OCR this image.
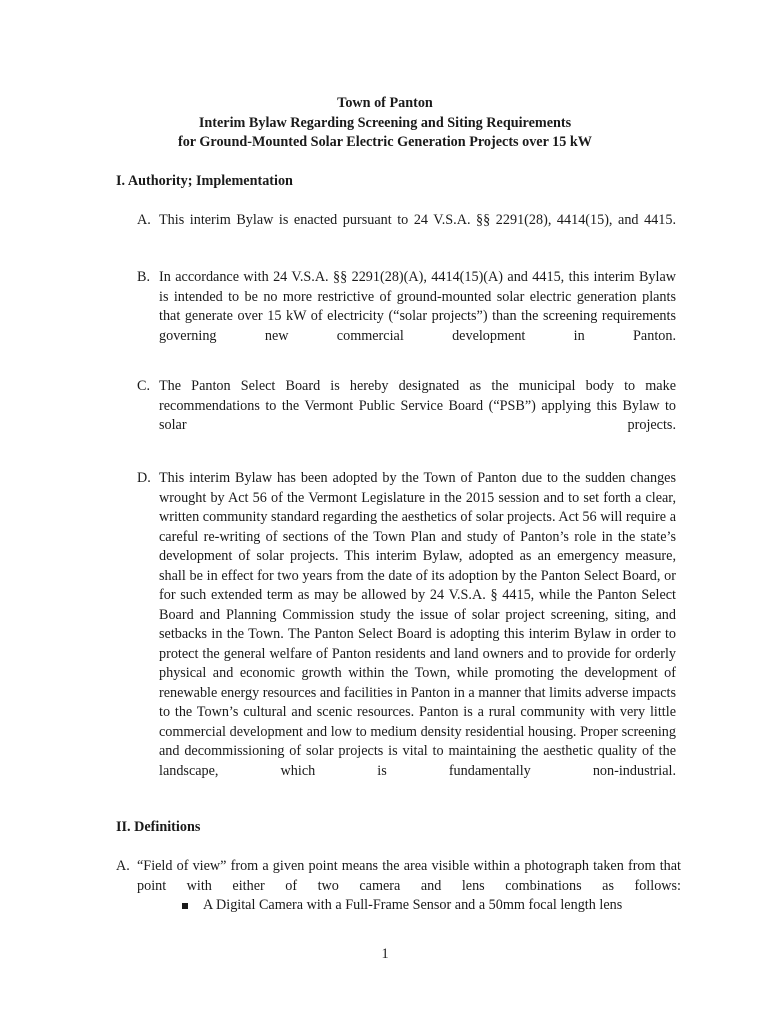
Town of Panton
Interim Bylaw Regarding Screening and Siting Requirements
for Ground-Mounted Solar Electric Generation Projects over 15 kW
I. Authority; Implementation
A. This interim Bylaw is enacted pursuant to 24 V.S.A. §§ 2291(28), 4414(15), and 4415.
B. In accordance with 24 V.S.A. §§ 2291(28)(A), 4414(15)(A) and 4415, this interim Bylaw is intended to be no more restrictive of ground-mounted solar electric generation plants that generate over 15 kW of electricity (“solar projects”) than the screening requirements governing new commercial development in Panton.
C. The Panton Select Board is hereby designated as the municipal body to make recommendations to the Vermont Public Service Board (“PSB”) applying this Bylaw to solar projects.
D. This interim Bylaw has been adopted by the Town of Panton due to the sudden changes wrought by Act 56 of the Vermont Legislature in the 2015 session and to set forth a clear, written community standard regarding the aesthetics of solar projects. Act 56 will require a careful re-writing of sections of the Town Plan and study of Panton’s role in the state’s development of solar projects. This interim Bylaw, adopted as an emergency measure, shall be in effect for two years from the date of its adoption by the Panton Select Board, or for such extended term as may be allowed by 24 V.S.A. § 4415, while the Panton Select Board and Planning Commission study the issue of solar project screening, siting, and setbacks in the Town. The Panton Select Board is adopting this interim Bylaw in order to protect the general welfare of Panton residents and land owners and to provide for orderly physical and economic growth within the Town, while promoting the development of renewable energy resources and facilities in Panton in a manner that limits adverse impacts to the Town’s cultural and scenic resources. Panton is a rural community with very little commercial development and low to medium density residential housing. Proper screening and decommissioning of solar projects is vital to maintaining the aesthetic quality of the landscape, which is fundamentally non-industrial.
II. Definitions
A. “Field of view” from a given point means the area visible within a photograph taken from that point with either of two camera and lens combinations as follows:
A Digital Camera with a Full-Frame Sensor and a 50mm focal length lens
1
